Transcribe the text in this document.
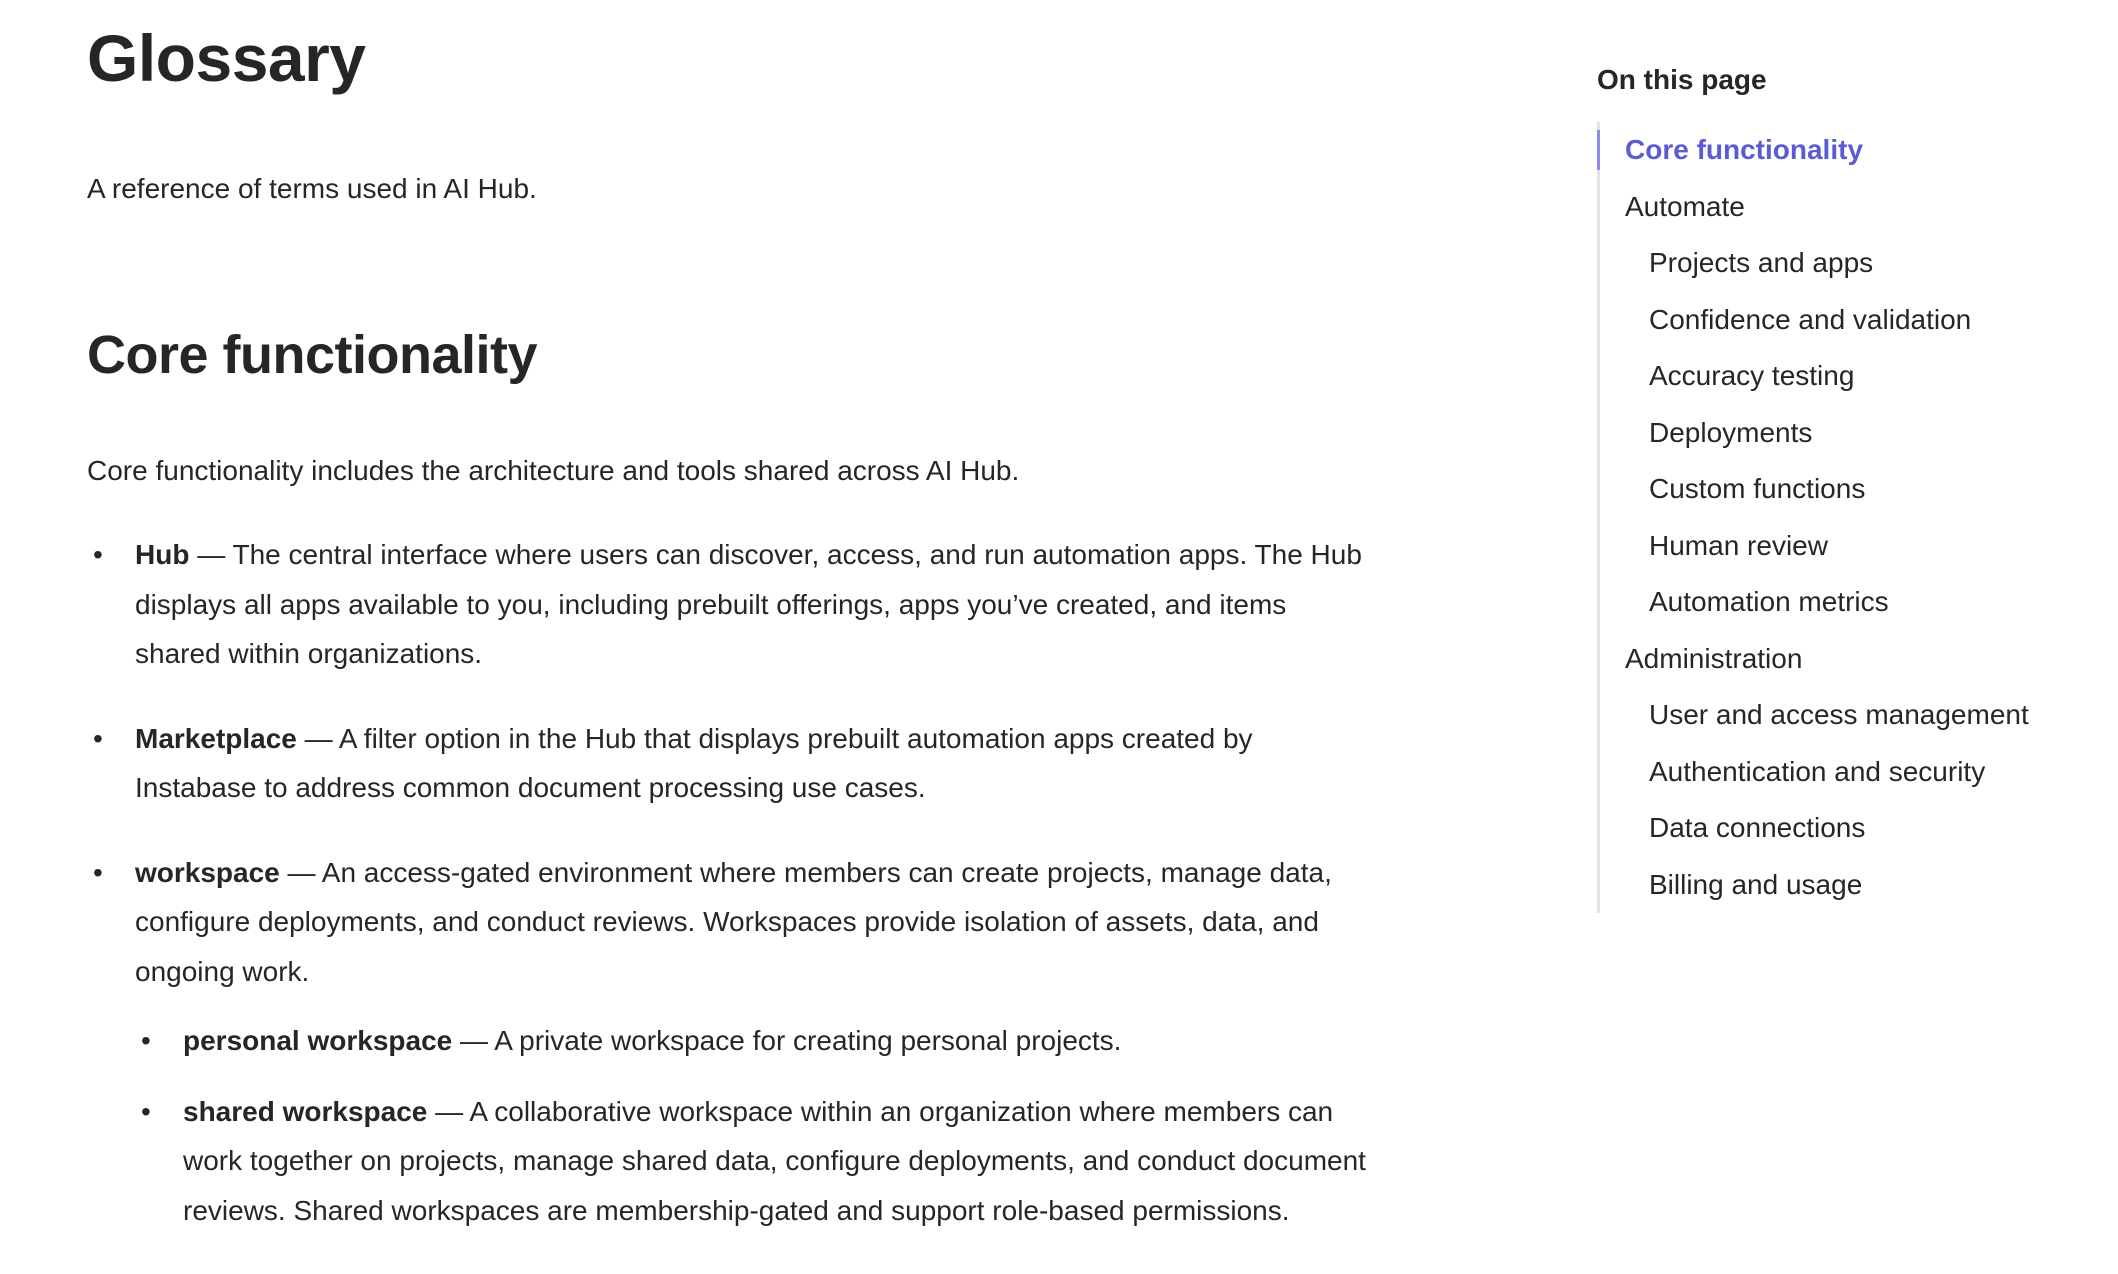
Glossary

A reference of terms used in AI Hub.

Core functionality

Core functionality includes the architecture and tools shared across AI Hub.

• Hub — The central interface where users can discover, access, and run automation apps. The Hub displays all apps available to you, including prebuilt offerings, apps you’ve created, and items shared within organizations.
• Marketplace — A filter option in the Hub that displays prebuilt automation apps created by Instabase to address common document processing use cases.
• workspace — An access-gated environment where members can create projects, manage data, configure deployments, and conduct reviews. Workspaces provide isolation of assets, data, and ongoing work.
• personal workspace — A private workspace for creating personal projects.
• shared workspace — A collaborative workspace within an organization where members can work together on projects, manage shared data, configure deployments, and conduct document reviews. Shared workspaces are membership-gated and support role-based permissions.
On this page
Core functionality
Automate
Projects and apps
Confidence and validation
Accuracy testing
Deployments
Custom functions
Human review
Automation metrics
Administration
User and access management
Authentication and security
Data connections
Billing and usage
